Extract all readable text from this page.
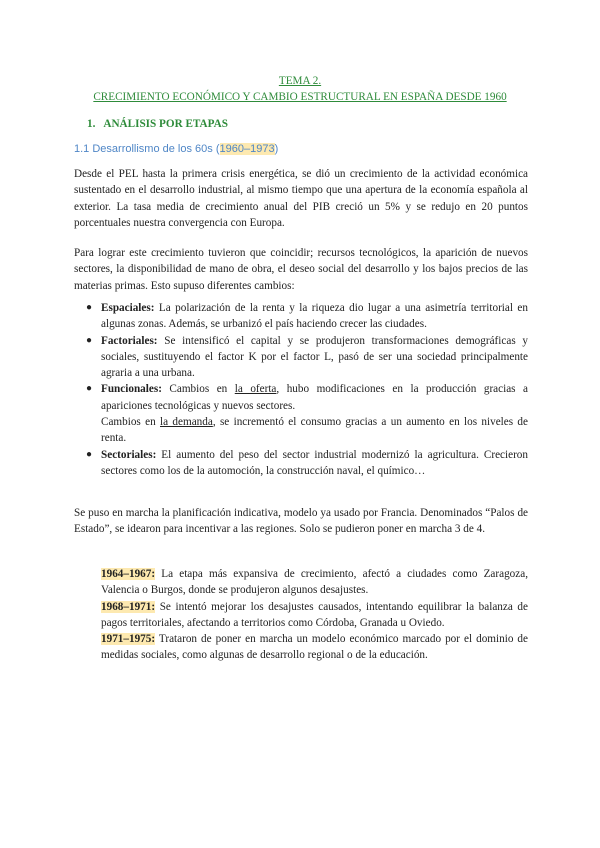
TEMA 2.
CRECIMIENTO ECONÓMICO Y CAMBIO ESTRUCTURAL EN ESPAÑA DESDE 1960
1. ANÁLISIS POR ETAPAS
1.1 Desarrollismo de los 60s (1960–1973)

Desde el PEL hasta la primera crisis energética, se dió un crecimiento de la actividad económica sustentado en el desarrollo industrial, al mismo tiempo que una apertura de la economía española al exterior. La tasa media de crecimiento anual del PIB creció un 5% y se redujo en 20 puntos porcentuales nuestra convergencia con Europa.

Para lograr este crecimiento tuvieron que coincidir; recursos tecnológicos, la aparición de nuevos sectores, la disponibilidad de mano de obra, el deseo social del desarrollo y los bajos precios de las materias primas. Esto supuso diferentes cambios:

● Espaciales: La polarización de la renta y la riqueza dio lugar a una asimetría territorial en algunas zonas. Además, se urbanizó el país haciendo crecer las ciudades.
● Factoriales: Se intensificó el capital y se produjeron transformaciones demográficas y sociales, sustituyendo el factor K por el factor L, pasó de ser una sociedad principalmente agraria a una urbana.
● Funcionales: Cambios en la oferta, hubo modificaciones en la producción gracias a apariciones tecnológicas y nuevos sectores.
Cambios en la demanda, se incrementó el consumo gracias a un aumento en los niveles de renta.
● Sectoriales: El aumento del peso del sector industrial modernizó la agricultura. Crecieron sectores como los de la automoción, la construcción naval, el químico…

Se puso en marcha la planificación indicativa, modelo ya usado por Francia. Denominados “Palos de Estado”, se idearon para incentivar a las regiones. Solo se pudieron poner en marcha 3 de 4.

1964–1967: La etapa más expansiva de crecimiento, afectó a ciudades como Zaragoza, Valencia o Burgos, donde se produjeron algunos desajustes.

1968–1971: Se intentó mejorar los desajustes causados, intentando equilibrar la balanza de pagos territoriales, afectando a territorios como Córdoba, Granada u Oviedo.

1971–1975: Trataron de poner en marcha un modelo económico marcado por el dominio de medidas sociales, como algunas de desarrollo regional o de la educación.
